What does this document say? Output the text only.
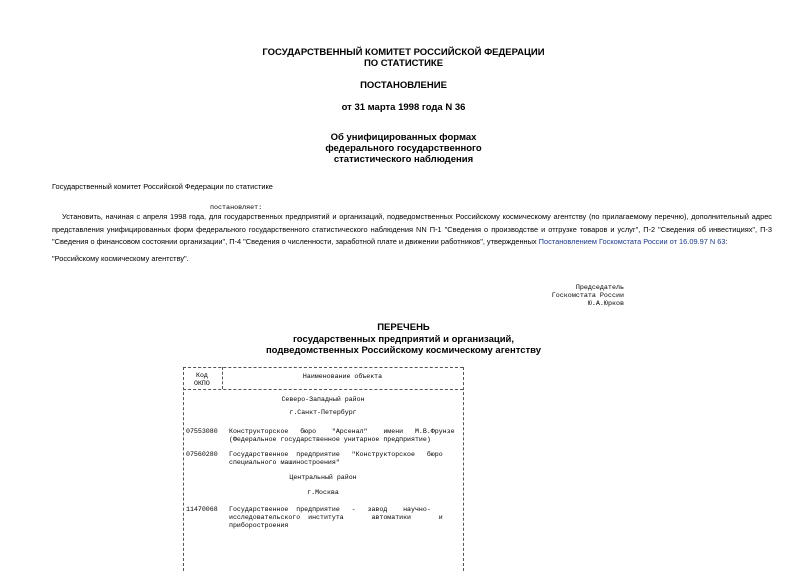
ГОСУДАРСТВЕННЫЙ КОМИТЕТ РОССИЙСКОЙ ФЕДЕРАЦИИ
ПО СТАТИСТИКЕ
ПОСТАНОВЛЕНИЕ
от 31 марта 1998 года N 36
Об унифицированных формах
федерального государственного
статистического наблюдения
Государственный комитет Российской Федерации по статистике
постановляет:
Установить, начиная с апреля 1998 года, для государственных предприятий и организаций, подведомственных Российскому космическому агентству (по прилагаемому перечню), дополнительный адрес представления унифицированных форм федерального государственного статистического наблюдения NN П-1 "Сведения о производстве и отгрузке товаров и услуг", П-2 "Сведения об инвестициях", П-3 "Сведения о финансовом состоянии организации", П-4 "Сведения о численности, заработной плате и движении работников", утвержденных Постановлением Госкомстата России от 16.09.97 N 63:
"Российскому космическому агентству".
Председатель
Госкомстата России
Ю.А.Юрков
ПЕРЕЧЕНЬ
государственных предприятий и организаций,
подведомственных Российскому космическому агентству
Код
ОКПО
Наименование объекта
Северо-Западный район
г.Санкт-Петербург
07553080 Конструкторское   бюро    "Арсенал"    имени   М.В.Фрунзе
(Федеральное государственное унитарное предприятие)
07560280 Государственное  предприятие   "Конструкторское   бюро
специального машиностроения"
Центральный район
г.Москва
11470068 Государственное  предприятие   -   завод    научно-
исследовательского  института       автоматики       и
приборостроения
